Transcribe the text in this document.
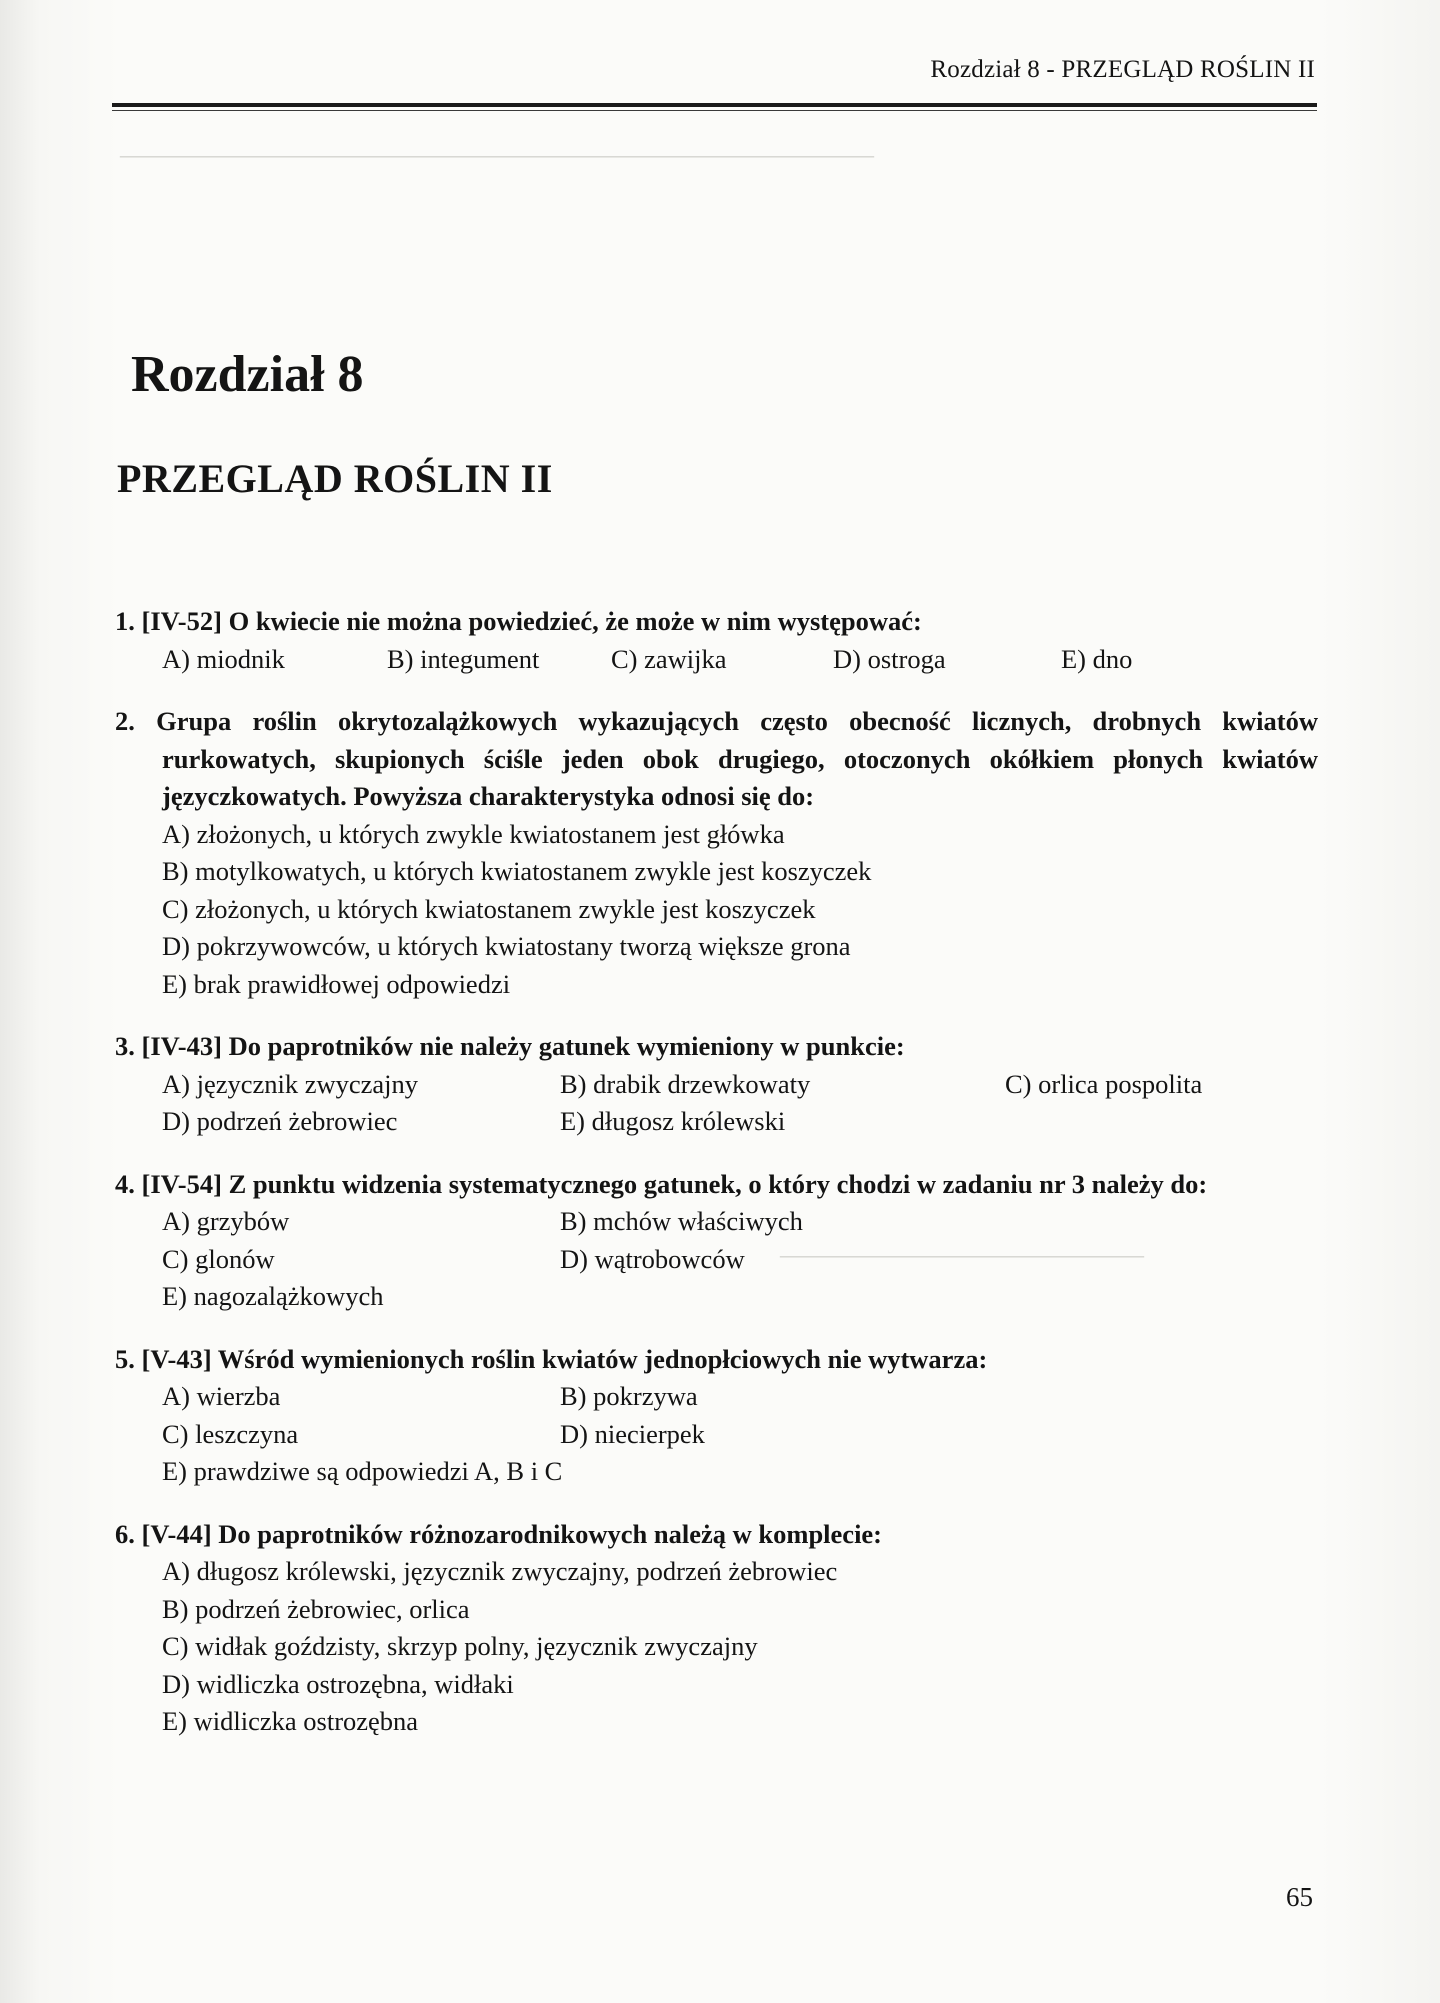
—————————————————————————————
——————————————
Rozdział 8 - PRZEGLĄD ROŚLIN II
Rozdział 8
PRZEGLĄD ROŚLIN II
1. [IV-52] O kwiecie nie można powiedzieć, że może w nim występować:
A) miodnik	B) integument	C) zawijka	D) ostroga	E) dno
2. Grupa roślin okrytozalążkowych wykazujących często obecność licznych, drobnych kwiatów rurkowatych, skupionych ściśle jeden obok drugiego, otoczonych okółkiem płonych kwiatów języczkowatych. Powyższa charakterystyka odnosi się do:
A) złożonych, u których zwykle kwiatostanem jest główka
B) motylkowatych, u których kwiatostanem zwykle jest koszyczek
C) złożonych, u których kwiatostanem zwykle jest koszyczek
D) pokrzywowców, u których kwiatostany tworzą większe grona
E) brak prawidłowej odpowiedzi
3. [IV-43] Do paprotników nie należy gatunek wymieniony w punkcie:
A) języcznik zwyczajny	B) drabik drzewkowaty	C) orlica pospolita
D) podrzeń żebrowiec	E) długosz królewski
4. [IV-54] Z punktu widzenia systematycznego gatunek, o który chodzi w zadaniu nr 3 należy do:
A) grzybów	B) mchów właściwych
C) glonów	D) wątrobowców
E) nagozalążkowych
5. [V-43] Wśród wymienionych roślin kwiatów jednopłciowych nie wytwarza:
A) wierzba	B) pokrzywa
C) leszczyna	D) niecierpek
E) prawdziwe są odpowiedzi A, B i C
6. [V-44] Do paprotników różnozarodnikowych należą w komplecie:
A) długosz królewski, języcznik zwyczajny, podrzeń żebrowiec
B) podrzeń żebrowiec, orlica
C) widłak goździsty, skrzyp polny, języcznik zwyczajny
D) widliczka ostrozębna, widłaki
E) widliczka ostrozębna
65
